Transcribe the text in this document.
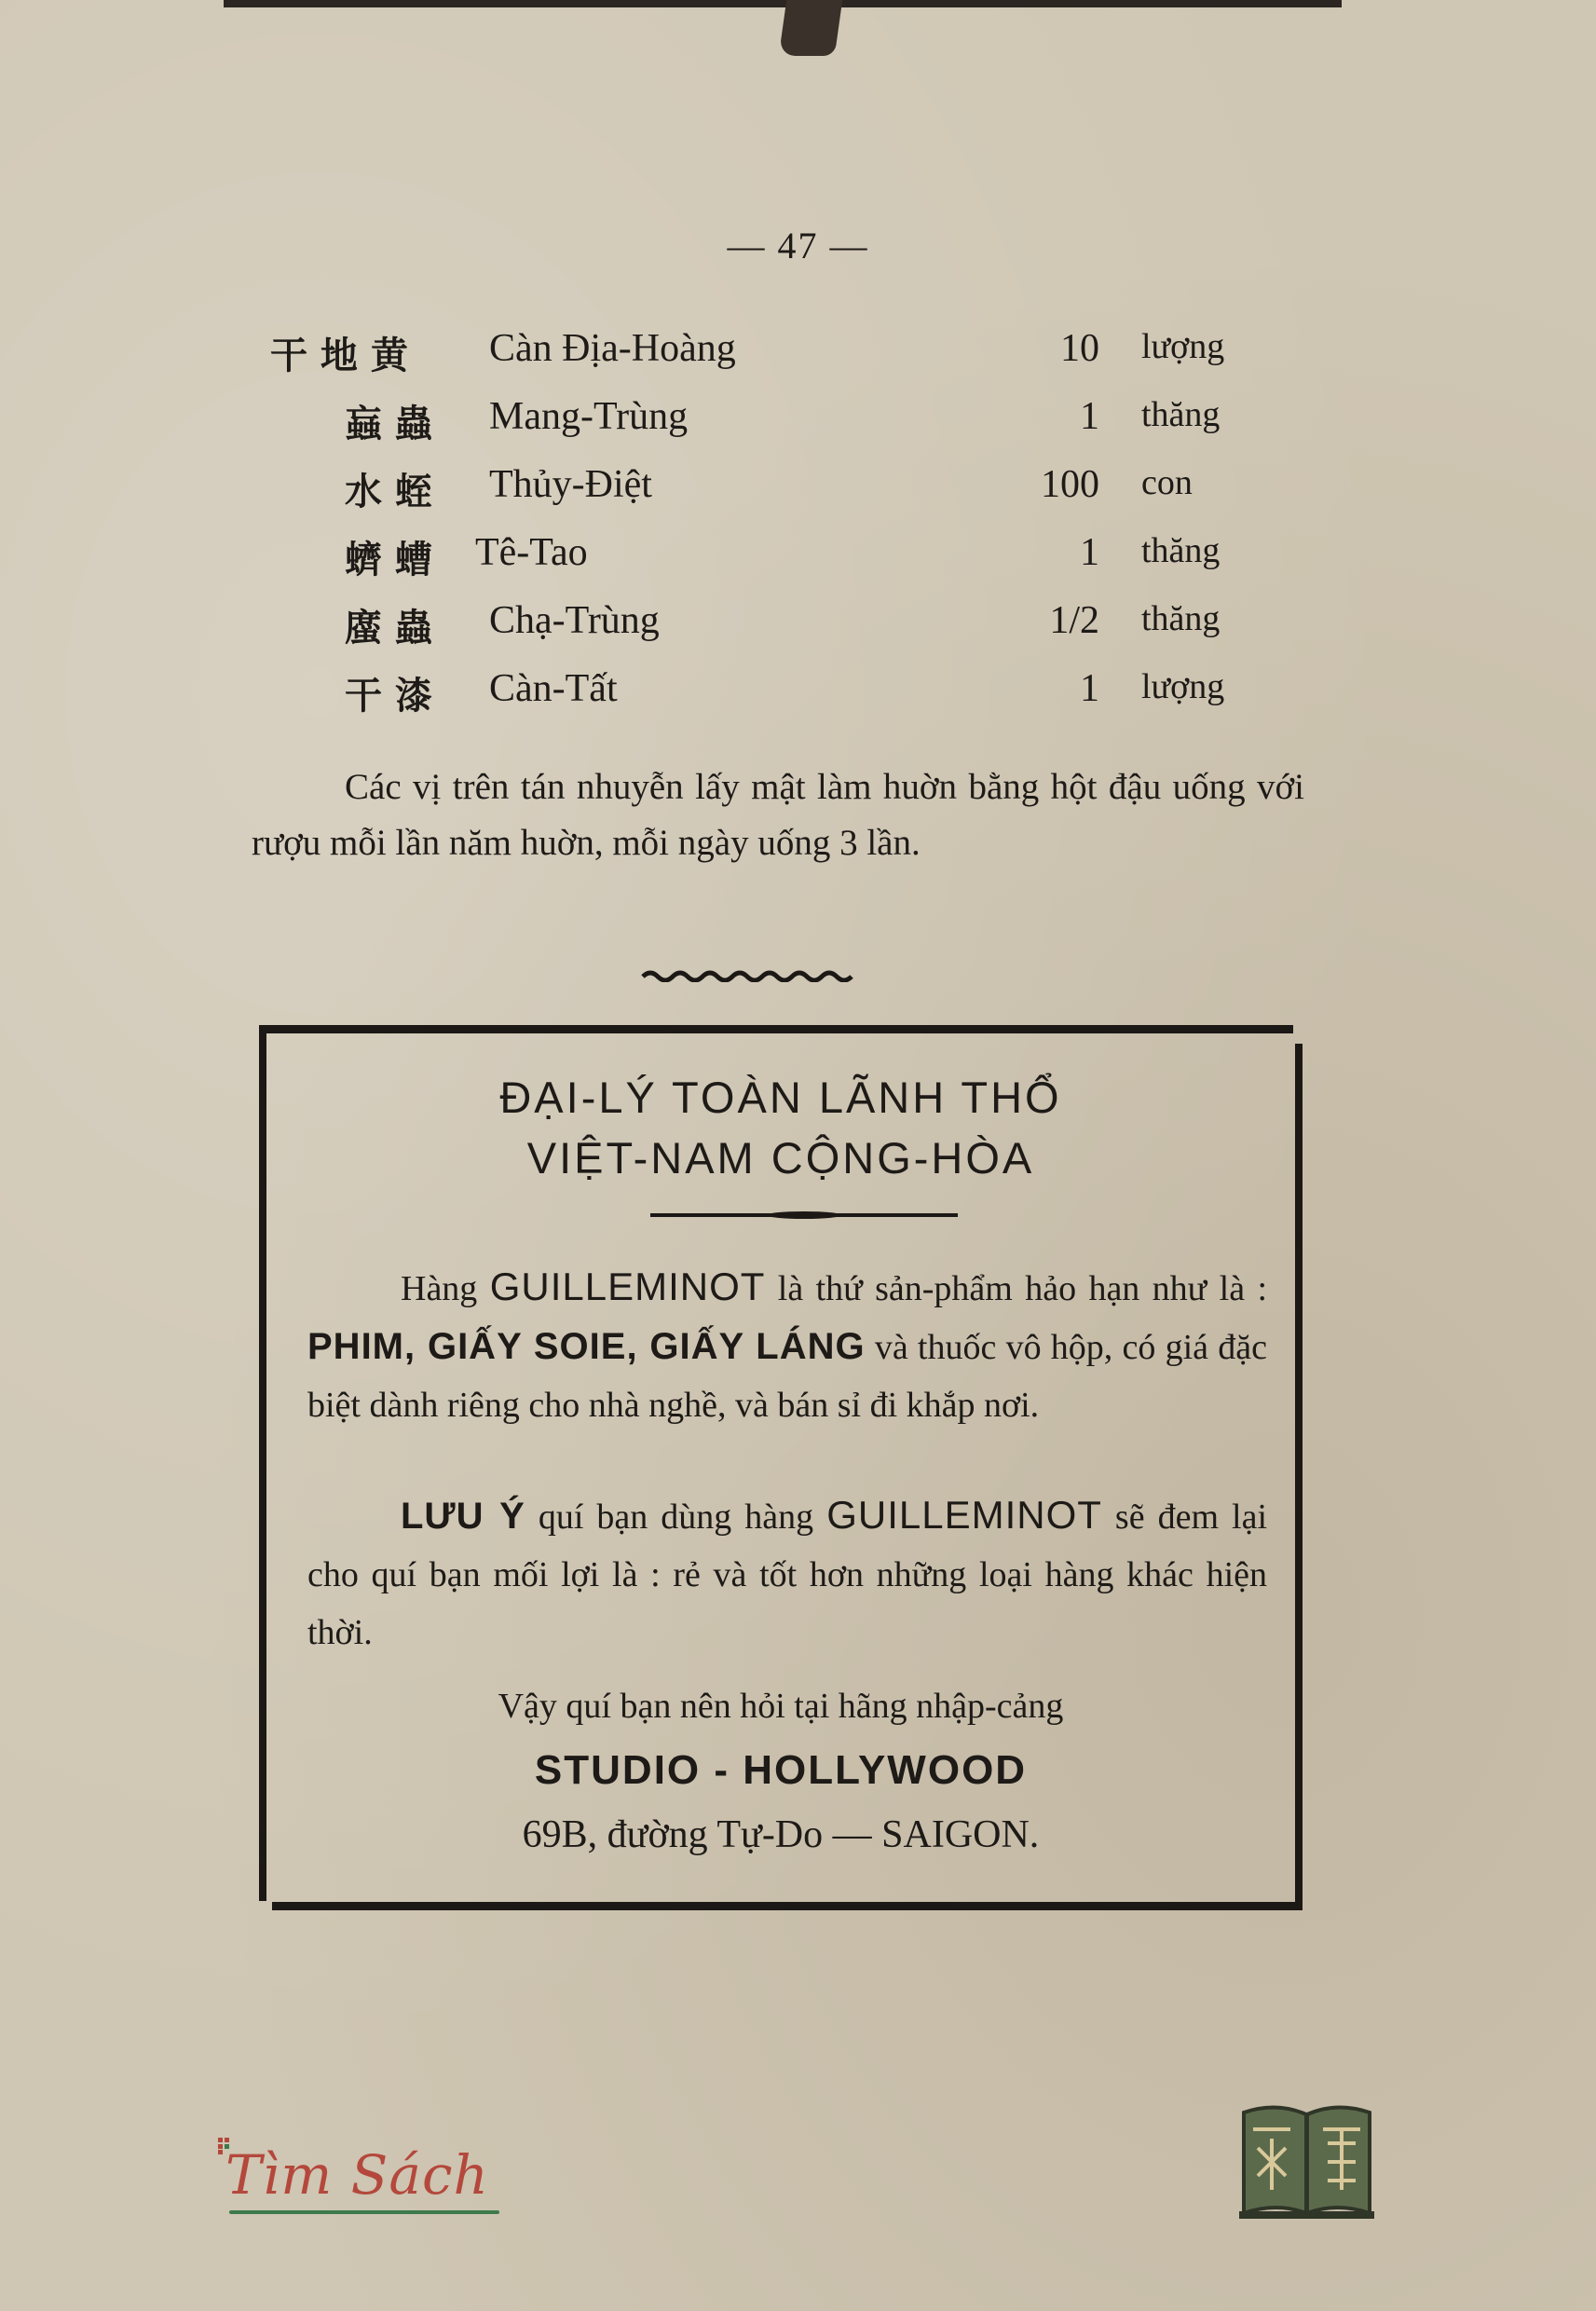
— 47 —
干 地 黄 Càn Địa-Hoàng	10 lượng
蝱 蟲 Mang-Trùng	1 thăng
水 蛭 Thủy-Điệt	100 con
蠐 螬 Tê-Tao	1 thăng
䗪 蟲 Chạ-Trùng	1/2 thăng
干 漆 Càn-Tất	1 lượng

Các vị trên tán nhuyễn lấy mật làm huờn bằng hột đậu uống với rượu mỗi lần năm huờn, mỗi ngày uống 3 lần.

ĐẠI-LÝ TOÀN LÃNH THỔ
VIỆT-NAM CỘNG-HÒA

Hàng GUILLEMINOT là thứ sản-phẩm hảo hạn như là : PHIM, GIẤY SOIE, GIẤY LÁNG và thuốc vô hộp, có giá đặc biệt dành riêng cho nhà nghề, và bán sỉ đi khắp nơi.

LƯU Ý quí bạn dùng hàng GUILLEMINOT sẽ đem lại cho quí bạn mối lợi là : rẻ và tốt hơn những loại hàng khác hiện thời.

Vậy quí bạn nên hỏi tại hãng nhập-cảng

STUDIO - HOLLYWOOD
69B, đường Tự-Do — SAIGON.
Tìm Sách
